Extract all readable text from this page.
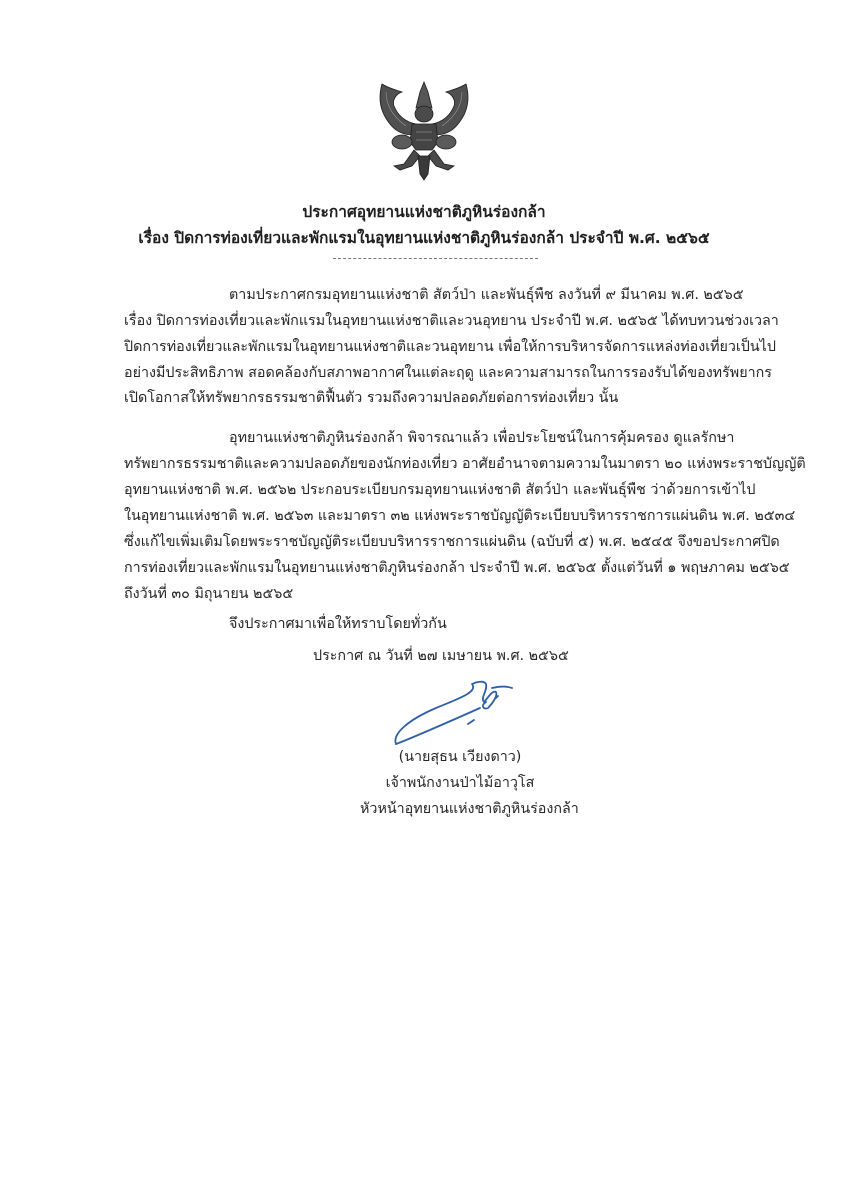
ประกาศอุทยานแห่งชาติภูหินร่องกล้า
เรื่อง ปิดการท่องเที่ยวและพักแรมในอุทยานแห่งชาติภูหินร่องกล้า ประจำปี พ.ศ. ๒๕๖๕
ตามประกาศกรมอุทยานแห่งชาติ สัตว์ป่า และพันธุ์พืช ลงวันที่ ๙ มีนาคม พ.ศ. ๒๕๖๕
เรื่อง ปิดการท่องเที่ยวและพักแรมในอุทยานแห่งชาติและวนอุทยาน ประจำปี พ.ศ. ๒๕๖๕ ได้ทบทวนช่วงเวลา
ปิดการท่องเที่ยวและพักแรมในอุทยานแห่งชาติและวนอุทยาน เพื่อให้การบริหารจัดการแหล่งท่องเที่ยวเป็นไป
อย่างมีประสิทธิภาพ สอดคล้องกับสภาพอากาศในแต่ละฤดู และความสามารถในการรองรับได้ของทรัพยากร
เปิดโอกาสให้ทรัพยากรธรรมชาติฟื้นตัว รวมถึงความปลอดภัยต่อการท่องเที่ยว นั้น
อุทยานแห่งชาติภูหินร่องกล้า พิจารณาแล้ว เพื่อประโยชน์ในการคุ้มครอง ดูแลรักษา
ทรัพยากรธรรมชาติและความปลอดภัยของนักท่องเที่ยว อาศัยอำนาจตามความในมาตรา ๒๐ แห่งพระราชบัญญัติ
อุทยานแห่งชาติ พ.ศ. ๒๕๖๒ ประกอบระเบียบกรมอุทยานแห่งชาติ สัตว์ป่า และพันธุ์พืช ว่าด้วยการเข้าไป
ในอุทยานแห่งชาติ พ.ศ. ๒๕๖๓ และมาตรา ๓๒ แห่งพระราชบัญญัติระเบียบบริหารราชการแผ่นดิน พ.ศ. ๒๕๓๔
ซึ่งแก้ไขเพิ่มเติมโดยพระราชบัญญัติระเบียบบริหารราชการแผ่นดิน (ฉบับที่ ๕) พ.ศ. ๒๕๔๕ จึงขอประกาศปิด
การท่องเที่ยวและพักแรมในอุทยานแห่งชาติภูหินร่องกล้า ประจำปี พ.ศ. ๒๕๖๕ ตั้งแต่วันที่ ๑ พฤษภาคม ๒๕๖๕
ถึงวันที่ ๓๐ มิถุนายน ๒๕๖๕
จึงประกาศมาเพื่อให้ทราบโดยทั่วกัน
ประกาศ ณ วันที่ ๒๗ เมษายน พ.ศ. ๒๕๖๕
(นายสุธน เวียงดาว)
เจ้าพนักงานป่าไม้อาวุโส
หัวหน้าอุทยานแห่งชาติภูหินร่องกล้า
